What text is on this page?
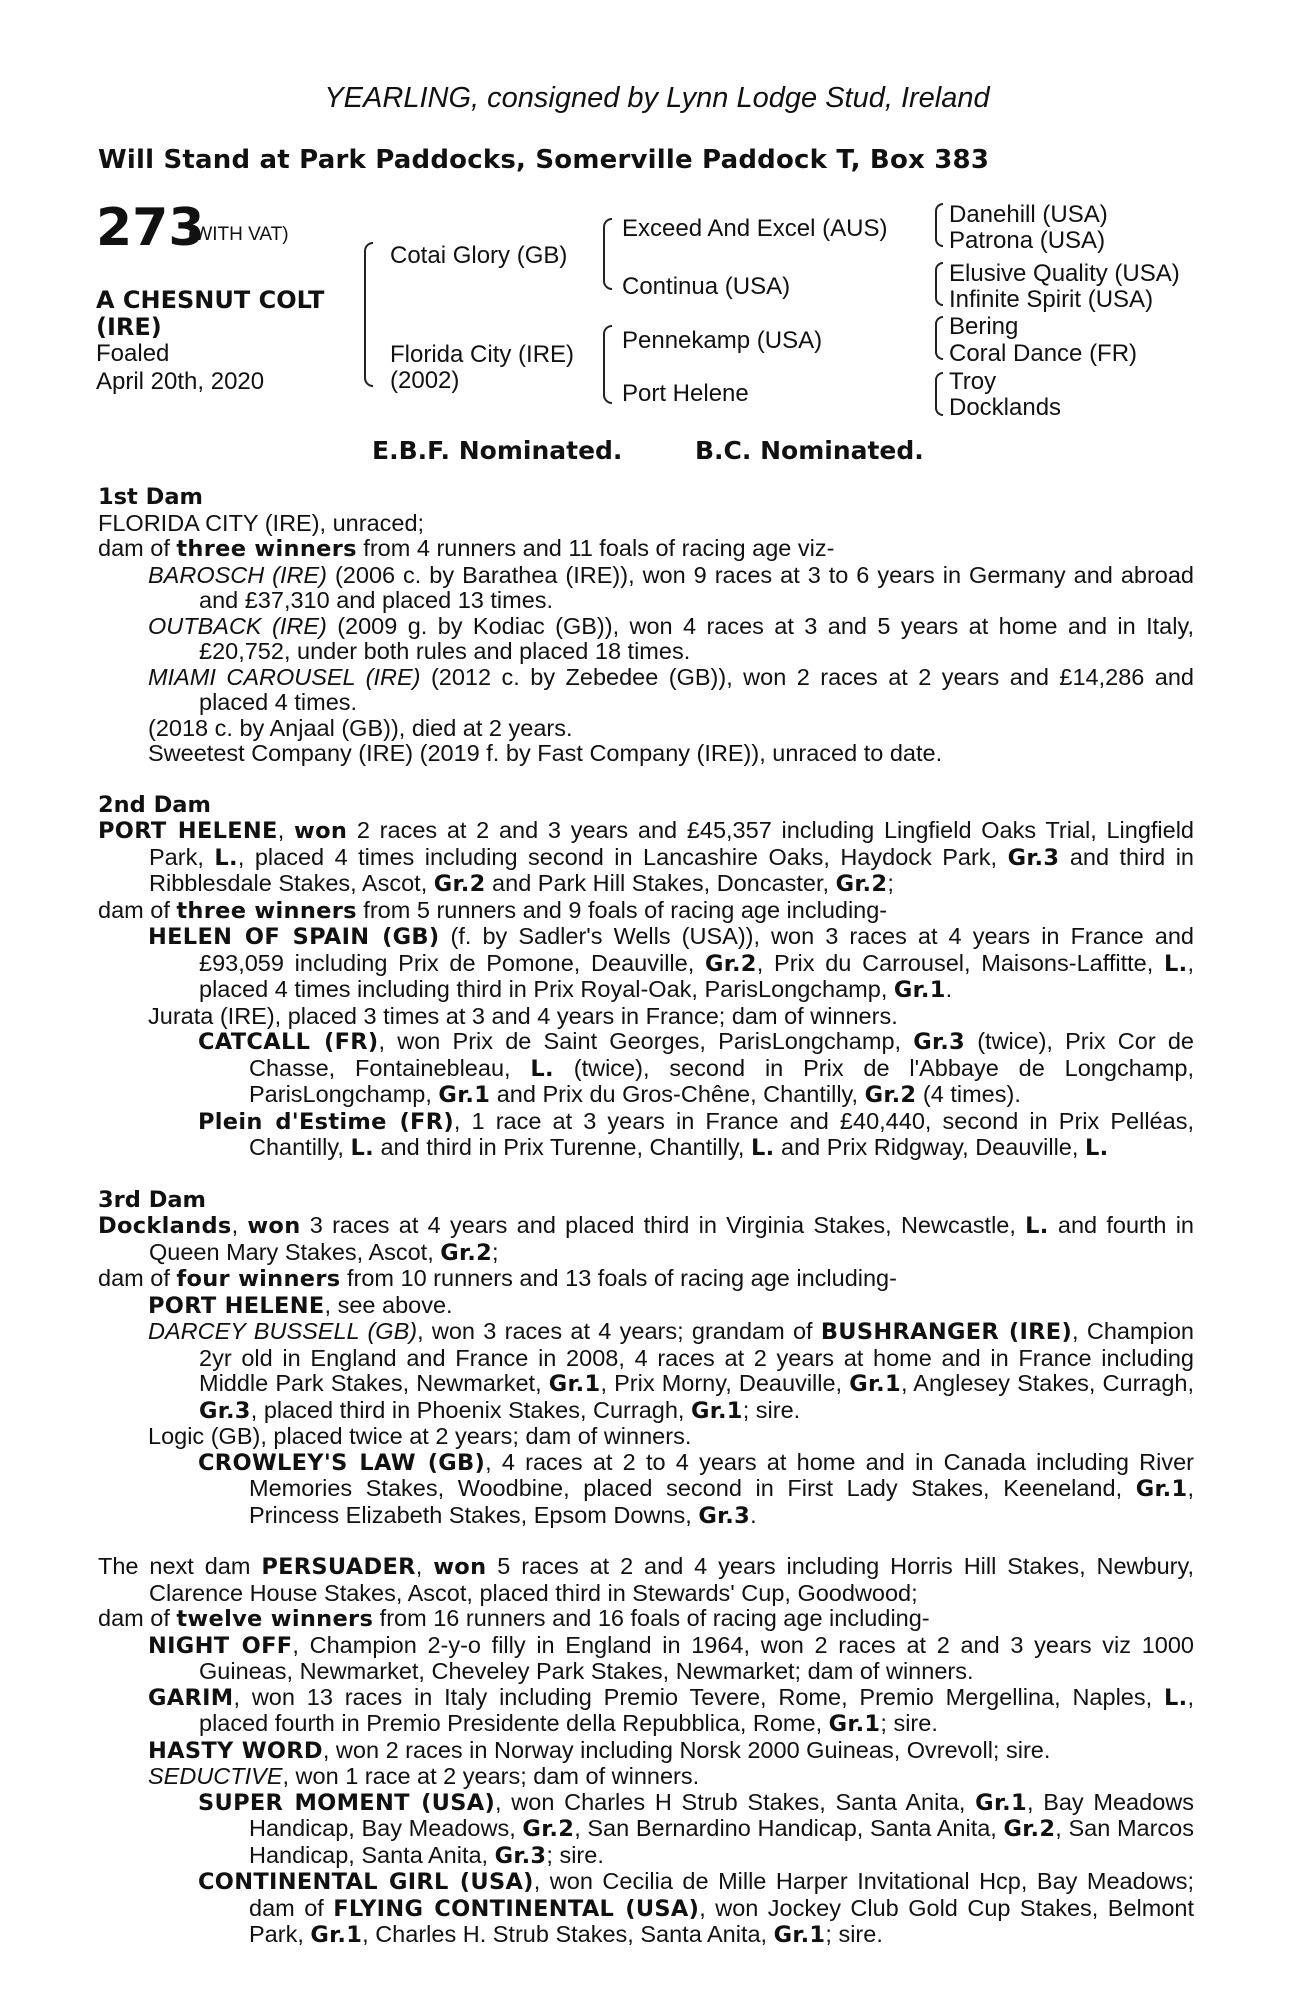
YEARLING, consigned by Lynn Lodge Stud, Ireland
Will Stand at Park Paddocks, Somerville Paddock T, Box 383
273
(WITH VAT)
A CHESNUT COLT
(IRE)
Foaled
April 20th, 2020
Cotai Glory (GB)
Florida City (IRE)
(2002)
Exceed And Excel (AUS)
Continua (USA)
Pennekamp (USA)
Port Helene
Danehill (USA)
Patrona (USA)
Elusive Quality (USA)
Infinite Spirit (USA)
Bering
Coral Dance (FR)
Troy
Docklands
E.B.F. Nominated.	B.C. Nominated.

1st Dam

FLORIDA CITY (IRE), unraced;

dam of three winners from 4 runners and 11 foals of racing age viz-

BAROSCH (IRE) (2006 c. by Barathea (IRE)), won 9 races at 3 to 6 years in Germany and abroad and £37,310 and placed 13 times.

OUTBACK (IRE) (2009 g. by Kodiac (GB)), won 4 races at 3 and 5 years at home and in Italy, £20,752, under both rules and placed 18 times.

MIAMI CAROUSEL (IRE) (2012 c. by Zebedee (GB)), won 2 races at 2 years and £14,286 and placed 4 times.

(2018 c. by Anjaal (GB)), died at 2 years.

Sweetest Company (IRE) (2019 f. by Fast Company (IRE)), unraced to date.

2nd Dam

PORT HELENE, won 2 races at 2 and 3 years and £45,357 including Lingfield Oaks Trial, Lingfield Park, L., placed 4 times including second in Lancashire Oaks, Haydock Park, Gr.3 and third in Ribblesdale Stakes, Ascot, Gr.2 and Park Hill Stakes, Doncaster, Gr.2;

dam of three winners from 5 runners and 9 foals of racing age including-

HELEN OF SPAIN (GB) (f. by Sadler's Wells (USA)), won 3 races at 4 years in France and £93,059 including Prix de Pomone, Deauville, Gr.2, Prix du Carrousel, Maisons-Laffitte, L., placed 4 times including third in Prix Royal-Oak, ParisLongchamp, Gr.1.

Jurata (IRE), placed 3 times at 3 and 4 years in France; dam of winners.

CATCALL (FR), won Prix de Saint Georges, ParisLongchamp, Gr.3 (twice), Prix Cor de Chasse, Fontainebleau, L. (twice), second in Prix de l'Abbaye de Longchamp, ParisLongchamp, Gr.1 and Prix du Gros-Chêne, Chantilly, Gr.2 (4 times).

Plein d'Estime (FR), 1 race at 3 years in France and £40,440, second in Prix Pelléas, Chantilly, L. and third in Prix Turenne, Chantilly, L. and Prix Ridgway, Deauville, L.

3rd Dam

Docklands, won 3 races at 4 years and placed third in Virginia Stakes, Newcastle, L. and fourth in Queen Mary Stakes, Ascot, Gr.2;

dam of four winners from 10 runners and 13 foals of racing age including-

PORT HELENE, see above.

DARCEY BUSSELL (GB), won 3 races at 4 years; grandam of BUSHRANGER (IRE), Champion 2yr old in England and France in 2008, 4 races at 2 years at home and in France including Middle Park Stakes, Newmarket, Gr.1, Prix Morny, Deauville, Gr.1, Anglesey Stakes, Curragh, Gr.3, placed third in Phoenix Stakes, Curragh, Gr.1; sire.

Logic (GB), placed twice at 2 years; dam of winners.

CROWLEY'S LAW (GB), 4 races at 2 to 4 years at home and in Canada including River Memories Stakes, Woodbine, placed second in First Lady Stakes, Keeneland, Gr.1, Princess Elizabeth Stakes, Epsom Downs, Gr.3.

The next dam PERSUADER, won 5 races at 2 and 4 years including Horris Hill Stakes, Newbury, Clarence House Stakes, Ascot, placed third in Stewards' Cup, Goodwood;

dam of twelve winners from 16 runners and 16 foals of racing age including-

NIGHT OFF, Champion 2-y-o filly in England in 1964, won 2 races at 2 and 3 years viz 1000 Guineas, Newmarket, Cheveley Park Stakes, Newmarket; dam of winners.

GARIM, won 13 races in Italy including Premio Tevere, Rome, Premio Mergellina, Naples, L., placed fourth in Premio Presidente della Repubblica, Rome, Gr.1; sire.

HASTY WORD, won 2 races in Norway including Norsk 2000 Guineas, Ovrevoll; sire.

SEDUCTIVE, won 1 race at 2 years; dam of winners.

SUPER MOMENT (USA), won Charles H Strub Stakes, Santa Anita, Gr.1, Bay Meadows Handicap, Bay Meadows, Gr.2, San Bernardino Handicap, Santa Anita, Gr.2, San Marcos Handicap, Santa Anita, Gr.3; sire.

CONTINENTAL GIRL (USA), won Cecilia de Mille Harper Invitational Hcp, Bay Meadows; dam of FLYING CONTINENTAL (USA), won Jockey Club Gold Cup Stakes, Belmont Park, Gr.1, Charles H. Strub Stakes, Santa Anita, Gr.1; sire.
